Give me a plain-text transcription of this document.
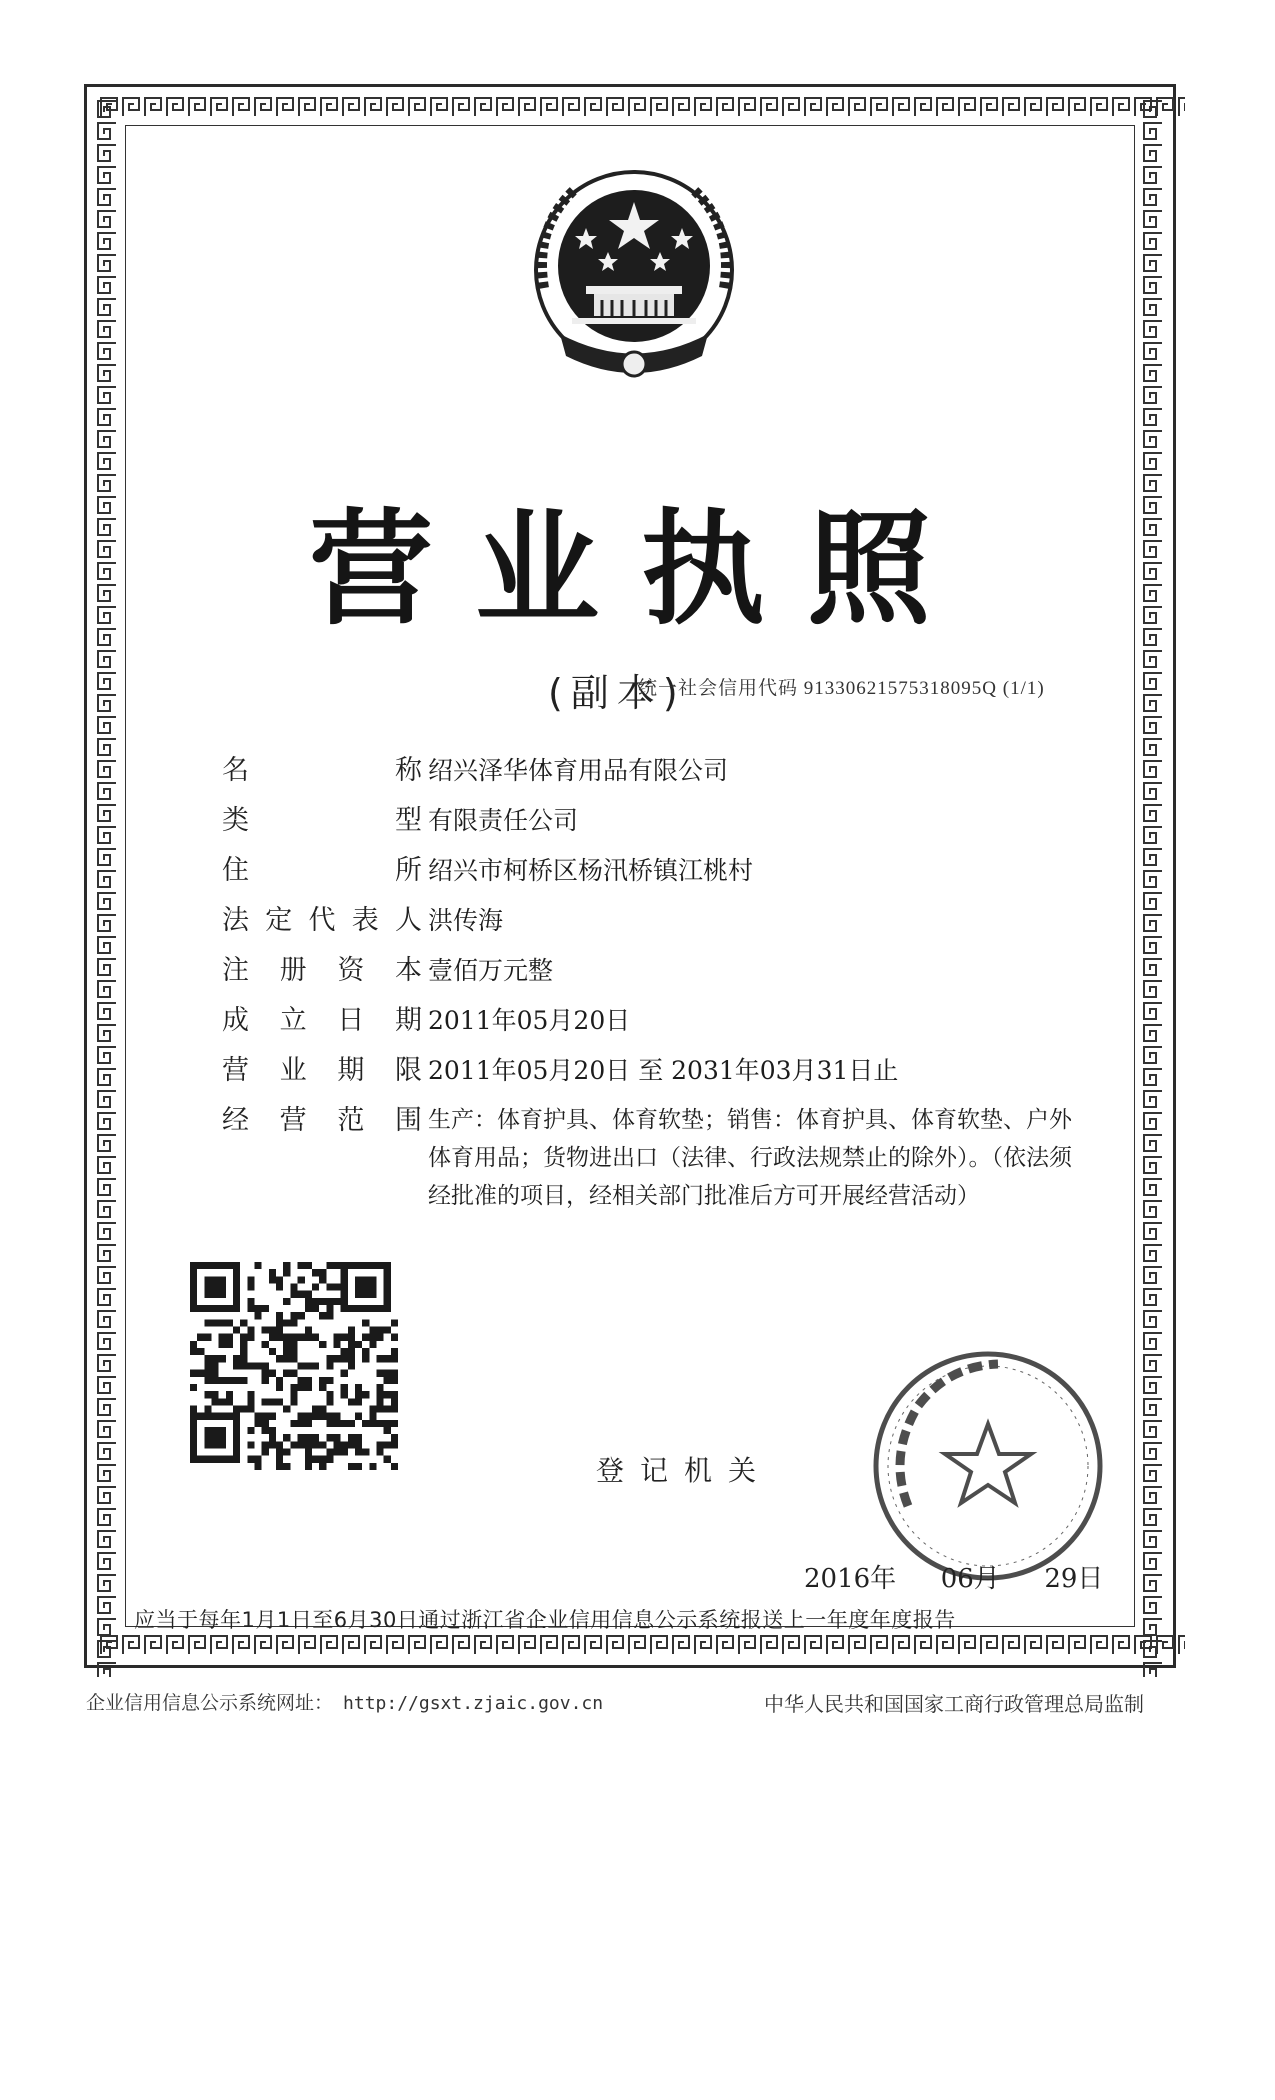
营业执照
(副本)
统一社会信用代码 91330621575318095Q (1/1)
名	称 绍兴泽华体育用品有限公司
类	型 有限责任公司
住	所 绍兴市柯桥区杨汛桥镇江桃村
法 定 代 表 人 洪传海
注 册 资 本 壹佰万元整
成 立 日 期 2011年05月20日
营 业 期 限 2011年05月20日 至 2031年03月31日止
经 营 范 围 生产：体育护具、体育软垫；销售：体育护具、体育软垫、户外
体育用品；货物进出口（法律、行政法规禁止的除外）。（依法须
经批准的项目，经相关部门批准后方可开展经营活动）
登记机关
2016年 06月 29日
应当于每年1月1日至6月30日通过浙江省企业信用信息公示系统报送上一年度年度报告
企业信用信息公示系统网址： http://gsxt.zjaic.gov.cn	中华人民共和国国家工商行政管理总局监制
